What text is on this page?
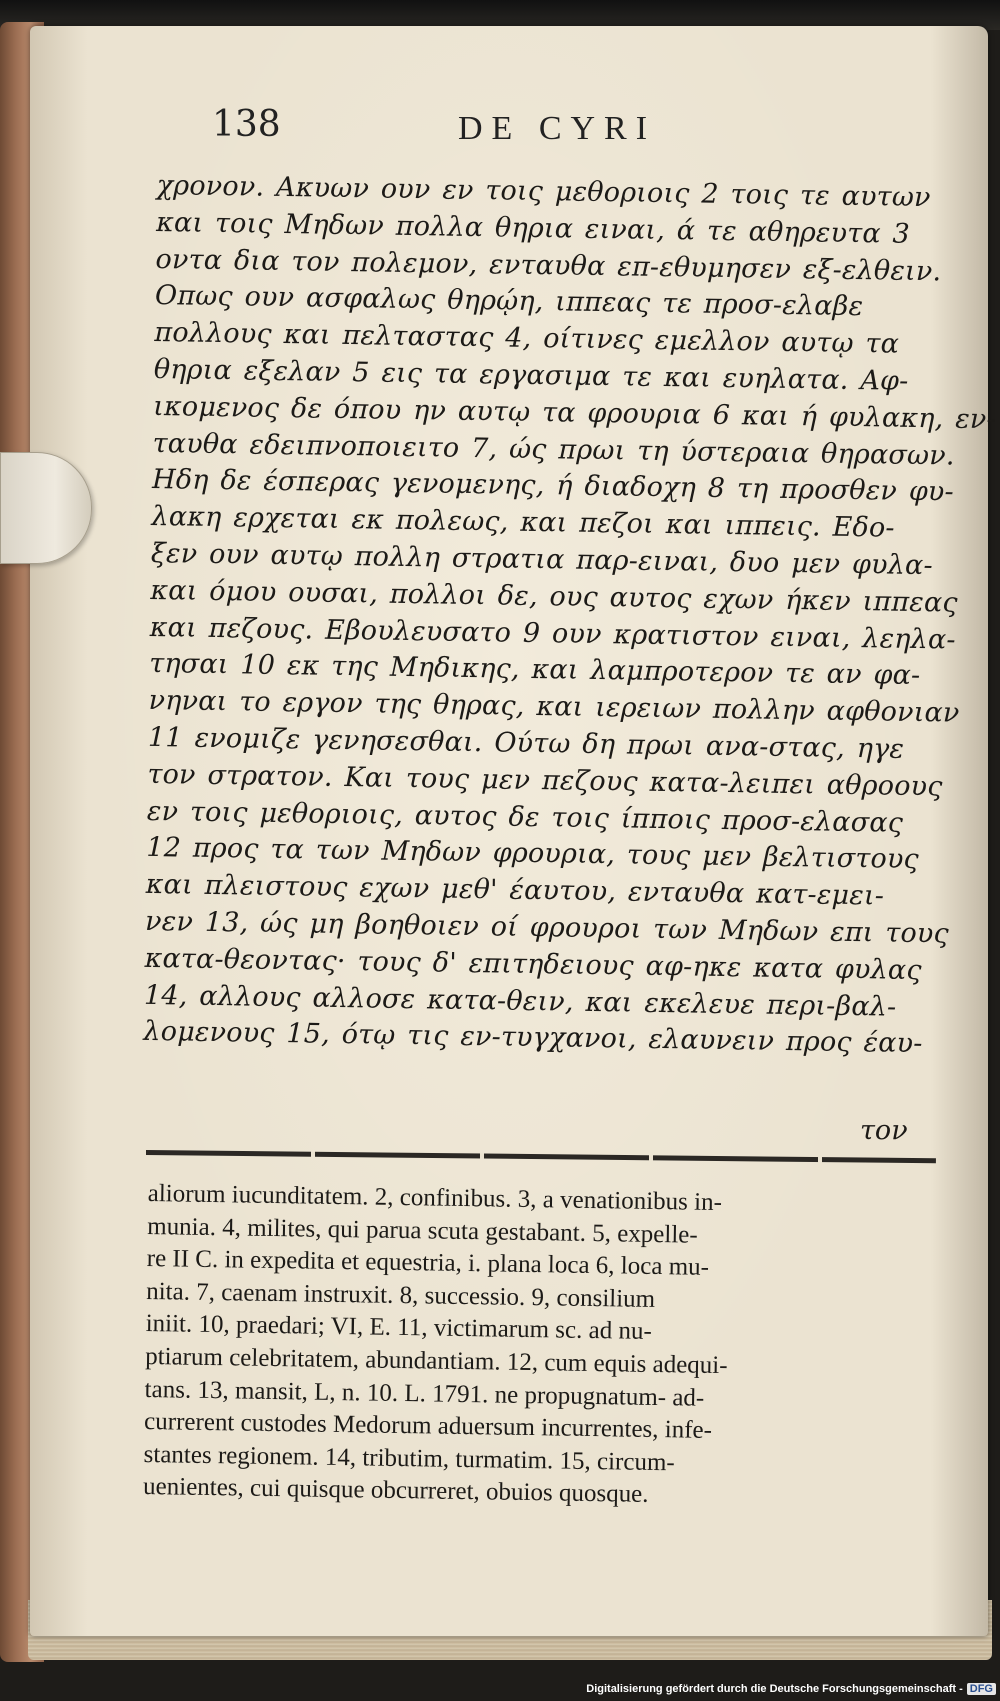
138	DE CYRI
χρονον. Ακυων ουν εν τοις μεθοριοις 2 τοις τε αυτων
και τοις Μηδων πολλα θηρια ειναι, ά τε αθηρευτα 3
οντα δια τον πολεμον, ενταυθα επ-εθυμησεν εξ-ελθειν.
Οπως ουν ασφαλως θηρῴη, ιππεας τε προσ-ελαβε
πολλους και πελταστας 4, οίτινες εμελλον αυτῳ τα
θηρια εξελαν 5 εις τα εργασιμα τε και ευηλατα. Αφ-
ικομενος δε όπου ην αυτῳ τα φρουρια 6 και ή φυλακη, εν-
ταυθα εδειπνοποιειτο 7, ώς πρωι τη ύστεραια θηρασων.
Ηδη δε έσπερας γενομενης, ή διαδοχη 8 τη προσθεν φυ-
λακη ερχεται εκ πολεως, και πεζοι και ιππεις. Εδο-
ξεν ουν αυτῳ πολλη στρατια παρ-ειναι, δυο μεν φυλα-
και όμου ουσαι, πολλοι δε, ους αυτος εχων ήκεν ιππεας
και πεζους. Εβουλευσατο 9 ουν κρατιστον ειναι, λεηλα-
τησαι 10 εκ της Μηδικης, και λαμπροτερον τε αν φα-
νηναι το εργον της θηρας, και ιερειων πολλην αφθονιαν
11 ενομιζε γενησεσθαι. Ούτω δη πρωι ανα-στας, ηγε
τον στρατον. Και τους μεν πεζους κατα-λειπει αθροους
εν τοις μεθοριοις, αυτος δε τοις ίπποις προσ-ελασας
12 προς τα των Μηδων φρουρια, τους μεν βελτιστους
και πλειστους εχων μεθ' έαυτου, ενταυθα κατ-εμει-
νεν 13, ώς μη βοηθοιεν οί φρουροι των Μηδων επι τους
κατα-θεοντας· τους δ' επιτηδειους αφ-ηκε κατα φυλας
14, αλλους αλλοσε κατα-θειν, και εκελευε περι-βαλ-
λομενους 15, ότῳ τις εν-τυγχανοι, ελαυνειν προς έαυ-
τον
aliorum iucunditatem. 2, confinibus. 3, a venationibus in-
munia. 4, milites, qui parua scuta gestabant. 5, expelle-
re II C. in expedita et equestria, i. plana loca 6, loca mu-
nita. 7, caenam instruxit. 8, successio. 9, consilium
iniit. 10, praedari; VI, E. 11, victimarum sc. ad nu-
ptiarum celebritatem, abundantiam. 12, cum equis adequi-
tans. 13, mansit, L, n. 10. L. 1791. ne propugnatum- ad-
currerent custodes Medorum aduersum incurrentes, infe-
stantes regionem. 14, tributim, turmatim. 15, circum-
uenientes, cui quisque obcurreret, obuios quosque.
Digitalisierung gefördert durch die Deutsche Forschungsgemeinschaft - DFG
